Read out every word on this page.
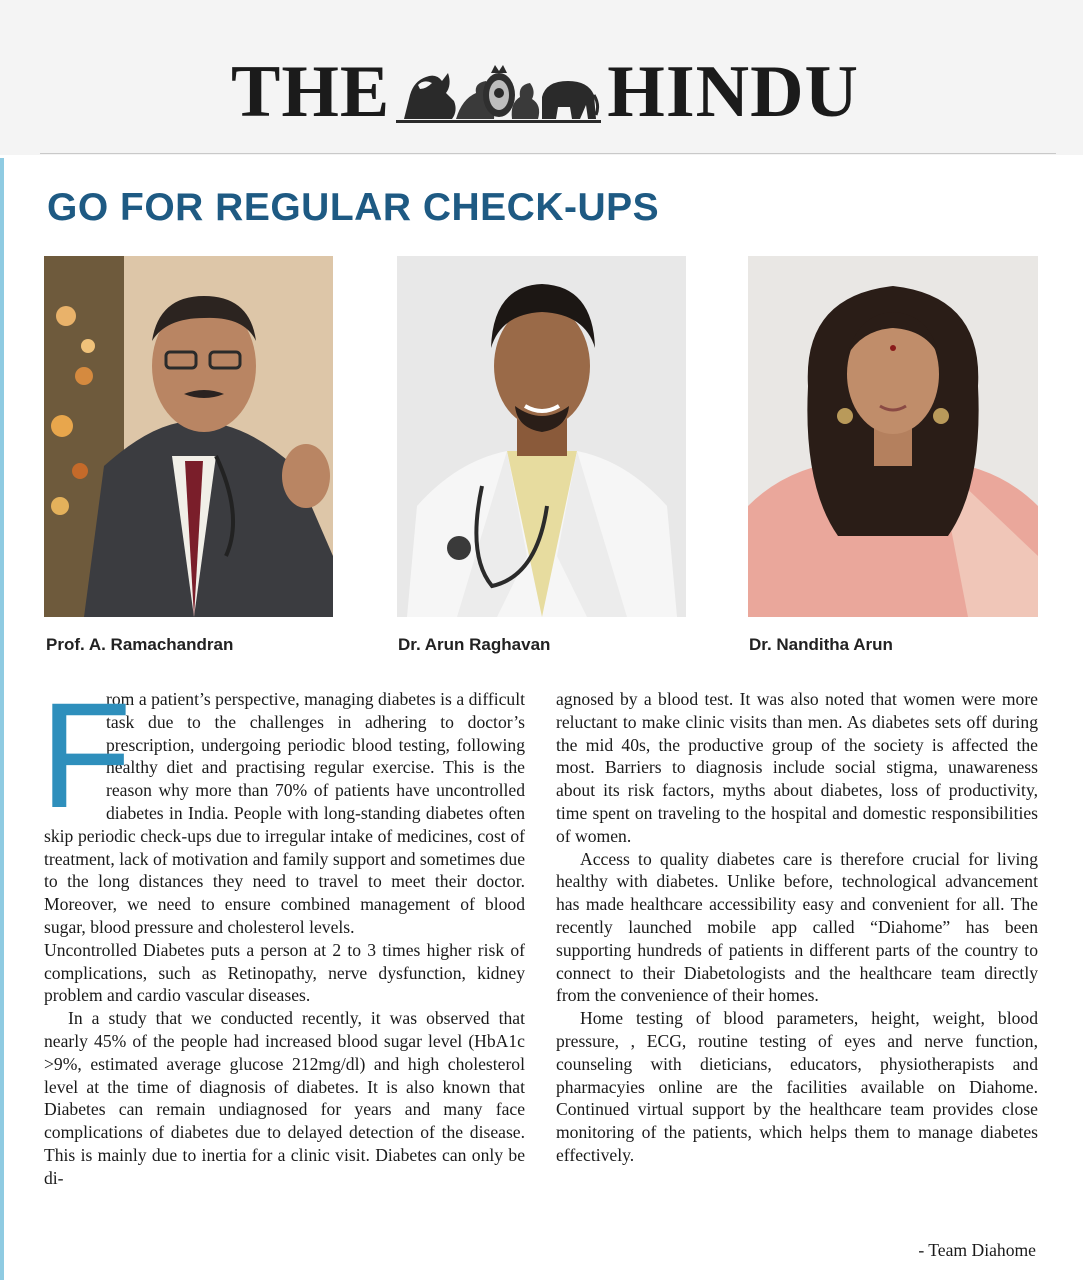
THE	HINDU
GO FOR REGULAR CHECK-UPS

Prof. A. Ramachandran	Dr. Arun Raghavan	Dr. Nanditha Arun

F
rom a patient’s perspective, managing diabetes is a difficult task due to the challenges in adhering to doctor’s prescription, undergoing periodic blood testing, following healthy diet and practising regular exercise. This is the reason why more than 70% of patients have uncontrolled diabetes in India. People with long-standing diabetes often skip periodic check-ups due to irregular intake of medicines, cost of treatment, lack of motivation and family support and sometimes due to the long distances they need to travel to meet their doctor. Moreover, we need to ensure combined management of blood sugar, blood pressure and cholesterol levels.

Uncontrolled Diabetes puts a person at 2 to 3 times higher risk of complications, such as Retinopathy, nerve dysfunction, kidney problem and cardio vascular diseases.

In a study that we conducted recently, it was observed that nearly 45% of the people had increased blood sugar level (HbA1c >9%, estimated average glucose 212mg/dl) and high cholesterol level at the time of diagnosis of diabetes. It is also known that Diabetes can remain undiagnosed for years and many face complications of diabetes due to delayed detection of the disease. This is mainly due to inertia for a clinic visit. Diabetes can only be di-

agnosed by a blood test. It was also noted that women were more reluctant to make clinic visits than men. As diabetes sets off during the mid 40s, the productive group of the society is affected the most. Barriers to diagnosis include social stigma, unawareness about its risk factors, myths about diabetes, loss of productivity, time spent on traveling to the hospital and domestic responsibilities of women.

Access to quality diabetes care is therefore crucial for living healthy with diabetes. Unlike before, technological advancement has made healthcare accessibility easy and convenient for all. The recently launched mobile app called “Diahome” has been supporting hundreds of patients in different parts of the country to connect to their Diabetologists and the healthcare team directly from the convenience of their homes.

Home testing of blood parameters, height, weight, blood pressure, , ECG, routine testing of eyes and nerve function, counseling with dieticians, educators, physiotherapists and pharmacyies online are the facilities available on Diahome. Continued virtual support by the healthcare team provides close monitoring of the patients, which helps them to manage diabetes effectively.

- Team Diahome
